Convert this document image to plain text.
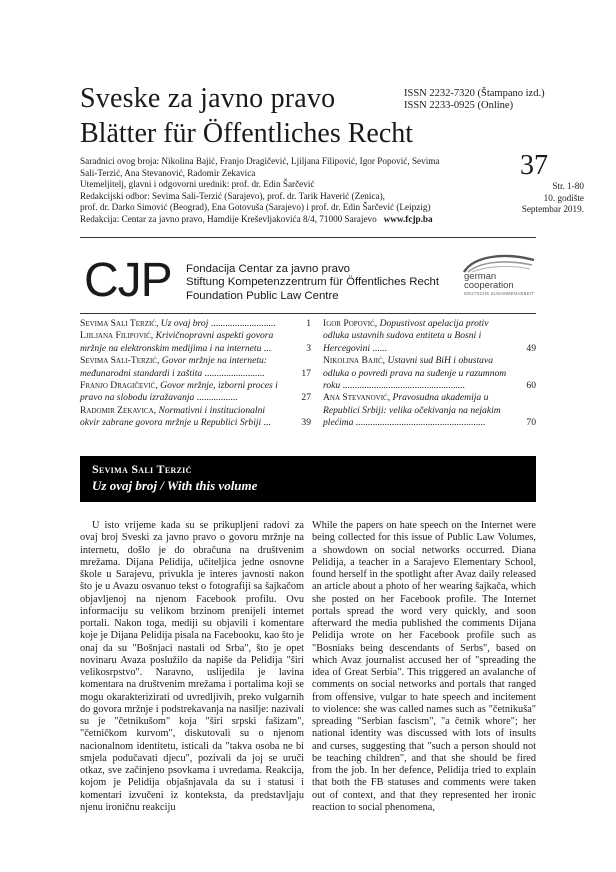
Sveske za javno pravo
Blätter für Öffentliches Recht
ISSN 2232-7320 (Štampano izd.)
ISSN 2233-0925 (Online)
Saradnici ovog broja: Nikolina Bajić, Franjo Dragičević, Ljiljana Filipović, Igor Popović, Sevima
Sali-Terzić, Ana Stevanović, Radomir Zekavica
Utemeljitelj, glavni i odgovorni urednik: prof. dr. Edin Šarčević
Redakcijski odbor: Sevima Sali-Terzić (Sarajevo), prof. dr. Tarik Haverić (Zenica),
prof. dr. Darko Simović (Beograd), Ena Gotovuša (Sarajevo) i prof. dr. Edin Šarčević (Leipzig)
Redakcija: Centar za javno pravo, Hamdije Kreševljakovića 8/4, 71000 Sarajevo www.fcjp.ba
37
Str. 1-80
10. godište
Septembar 2019.
CJP Fondacija Centar za javno pravo
Stiftung Kompetenzzentrum für Öffentliches Recht
Foundation Public Law Centre
german
cooperation
DEUTSCHE ZUSAMMENARBEIT
Sevima Sali Terzić, Uz ovaj broj ...........................	1
Ljiljana Filipović, Krivičnopravni aspekti govora mržnje na elektronskim medijima i na internetu ...	3
Sevima Sali-Terzić, Govor mržnje na internetu: međunarodni standardi i zaštita .........................	17
Franjo Dragičević, Govor mržnje, izborni proces i pravo na slobodu izražavanja .................	27
Radomir Zekavica, Normativni i institucionalni okvir zabrane govora mržnje u Republici Srbiji ...	39
Igor Popović, Dopustivost apelacija protiv odluka ustavnih sudova entiteta u Bosni i Hercegovini ......	49
Nikolina Bajić, Ustavni sud BiH i obustava odluka o povredi prava na suđenje u razumnom roku ...................................................	60
Ana Stevanović, Pravosudna akademija u Republici Srbiji: velika očekivanja na nejakim plećima ......................................................	70
Sevima Sali Terzić
Uz ovaj broj / With this volume

U isto vrijeme kada su se prikupljeni radovi za ovaj broj Sveski za javno pravo o govoru mržnje na internetu, došlo je do obračuna na društvenim mrežama. Dijana Pelidija, učiteljica jedne osnovne škole u Sarajevu, privukla je interes javnosti nakon što je u Avazu osvanuo tekst o fotografiji sa šajkačom objavljenoj na njenom Facebook profilu. Ovu informaciju su velikom brzinom prenijeli internet portali. Nakon toga, mediji su objavili i komentare koje je Dijana Pelidija pisala na Facebooku, kao što je onaj da su "Bošnjaci nastali od Srba", što je opet novinaru Avaza poslužilo da napiše da Pelidija "širi velikosrpstvo". Naravno, uslijedila je lavina komentara na društvenim mrežama i portalima koji se mogu okarakterizirati od uvredljivih, preko vulgarnih do govora mržnje i podstrekavanja na nasilje: nazivali su je "četnikušom" koja "širi srpski fašizam", "četničkom kurvom", diskutovali su o njenom nacionalnom identitetu, isticali da "takva osoba ne bi smjela podučavati djecu", pozivali da joj se uruči otkaz, sve začinjeno psovkama i uvredama. Reakcija, kojom je Pelidija objašnjavala da su i statusi i komentari izvučeni iz konteksta, da predstavljaju njenu ironičnu reakciju

While the papers on hate speech on the Internet were being collected for this issue of Public Law Volumes, a showdown on social networks occurred. Diana Pelidija, a teacher in a Sarajevo Elementary School, found herself in the spotlight after Avaz daily released an article about a photo of her wearing šajkača, which she posted on her Facebook profile. The Internet portals spread the word very quickly, and soon afterward the media published the comments Dijana Pelidija wrote on her Facebook profile such as "Bosniaks being descendants of Serbs", based on which Avaz journalist accused her of "spreading the idea of Great Serbia". This triggered an avalanche of comments on social networks and portals that ranged from offensive, vulgar to hate speech and incitement to violence: she was called names such as "četnikuša" spreading "Serbian fascism", "a četnik whore"; her national identity was discussed with lots of insults and curses, suggesting that "such a person should not be teaching children", and that she should be fired from the job. In her defence, Pelidija tried to explain that both the FB statuses and comments were taken out of context, and that they represented her ironic reaction to social phenomena,
